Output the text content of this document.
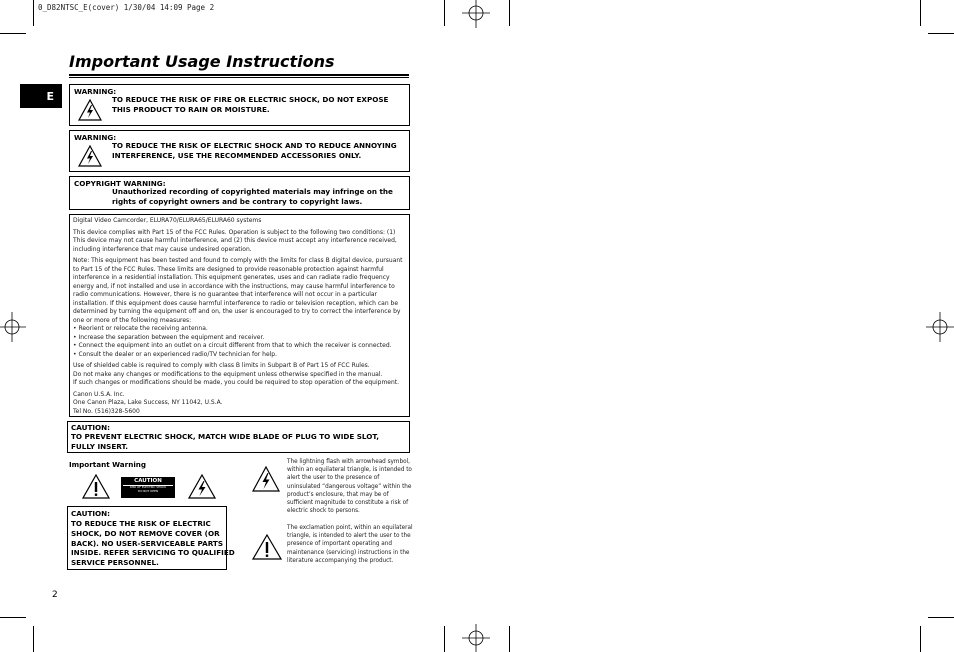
0_D82NTSC_E(cover) 1/30/04 14:09 Page 2
Important Usage Instructions
E	WARNING:
TO REDUCE THE RISK OF FIRE OR ELECTRIC SHOCK, DO NOT EXPOSE THIS PRODUCT TO RAIN OR MOISTURE.
WARNING:
TO REDUCE THE RISK OF ELECTRIC SHOCK AND TO REDUCE ANNOYING INTERFERENCE, USE THE RECOMMENDED ACCESSORIES ONLY.
COPYRIGHT WARNING:
Unauthorized recording of copyrighted materials may infringe on the rights of copyright owners and be contrary to copyright laws.

Digital Video Camcorder, ELURA70/ELURA65/ELURA60 systems

This device complies with Part 15 of the FCC Rules. Operation is subject to the following two conditions: (1) This device may not cause harmful interference, and (2) this device must accept any interference received, including interference that may cause undesired operation.

Note: This equipment has been tested and found to comply with the limits for class B digital device, pursuant to Part 15 of the FCC Rules. These limits are designed to provide reasonable protection against harmful interference in a residential installation. This equipment generates, uses and can radiate radio frequency energy and, if not installed and use in accordance with the instructions, may cause harmful interference to radio communications. However, there is no guarantee that interference will not occur in a particular installation. If this equipment does cause harmful interference to radio or television reception, which can be determined by turning the equipment off and on, the user is encouraged to try to correct the interference by one or more of the following measures:

• Reorient or relocate the receiving antenna.

• Increase the separation between the equipment and receiver.

• Connect the equipment into an outlet on a circuit different from that to which the receiver is connected.

• Consult the dealer or an experienced radio/TV technician for help.

Use of shielded cable is required to comply with class B limits in Subpart B of Part 15 of FCC Rules.

Do not make any changes or modifications to the equipment unless otherwise specified in the manual.

If such changes or modifications should be made, you could be required to stop operation of the equipment.

Canon U.S.A. Inc.

One Canon Plaza, Lake Success, NY 11042, U.S.A.

Tel No. (516)328-5600

CAUTION:
TO PREVENT ELECTRIC SHOCK, MATCH WIDE BLADE OF PLUG TO WIDE SLOT, FULLY INSERT.
Important Warning
CAUTION
RISK OF ELECTRIC SHOCK
DO NOT OPEN
CAUTION:
TO REDUCE THE RISK OF ELECTRIC
SHOCK, DO NOT REMOVE COVER (OR
BACK). NO USER-SERVICEABLE PARTS
INSIDE. REFER SERVICING TO QUALIFIED
SERVICE PERSONNEL.
The lightning flash with arrowhead symbol, within an equilateral triangle, is intended to alert the user to the presence of uninsulated “dangerous voltage” within the product’s enclosure, that may be of sufficient magnitude to constitute a risk of electric shock to persons.
The exclamation point, within an equilateral triangle, is intended to alert the user to the presence of important operating and maintenance (servicing) instructions in the literature accompanying the product.
2
